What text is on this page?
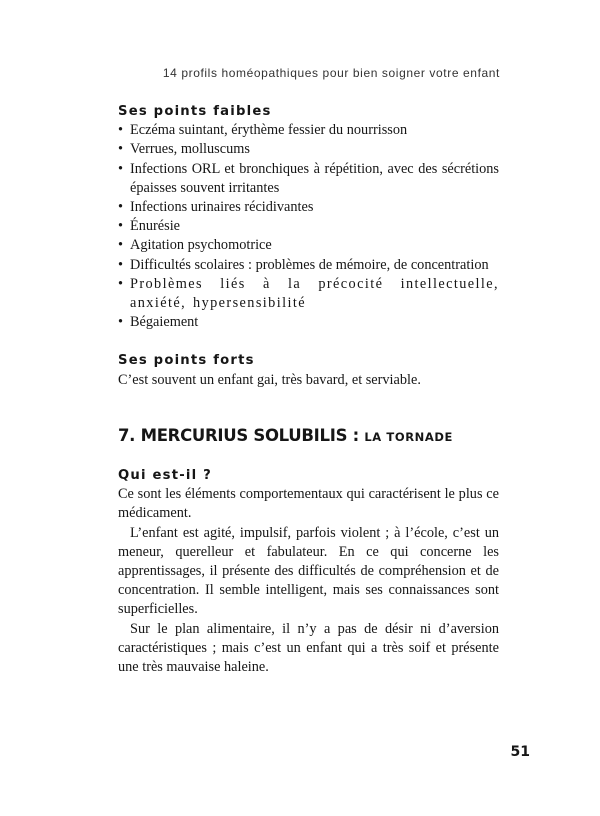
14 profils homéopathiques pour bien soigner votre enfant
Ses points faibles
• Eczéma suintant, érythème fessier du nourrisson
• Verrues, molluscums
• Infections ORL et bronchiques à répétition, avec des sécrétions épaisses souvent irritantes
• Infections urinaires récidivantes
• Énurésie
• Agitation psychomotrice
• Difficultés scolaires : problèmes de mémoire, de concentration
• Problèmes liés à la précocité intellectuelle, anxiété, hypersensibilité
• Bégaiement
Ses points forts

C’est souvent un enfant gai, très bavard, et serviable.

7. MERCURIUS SOLUBILIS : LA TORNADE
Qui est-il ?

Ce sont les éléments comportementaux qui caractérisent le plus ce médicament.

L’enfant est agité, impulsif, parfois violent ; à l’école, c’est un meneur, querelleur et fabulateur. En ce qui concerne les apprentissages, il présente des difficultés de compréhension et de concentration. Il semble intelligent, mais ses connaissances sont superficielles.

Sur le plan alimentaire, il n’y a pas de désir ni d’aversion caractéristiques ; mais c’est un enfant qui a très soif et présente une très mauvaise haleine.

51
